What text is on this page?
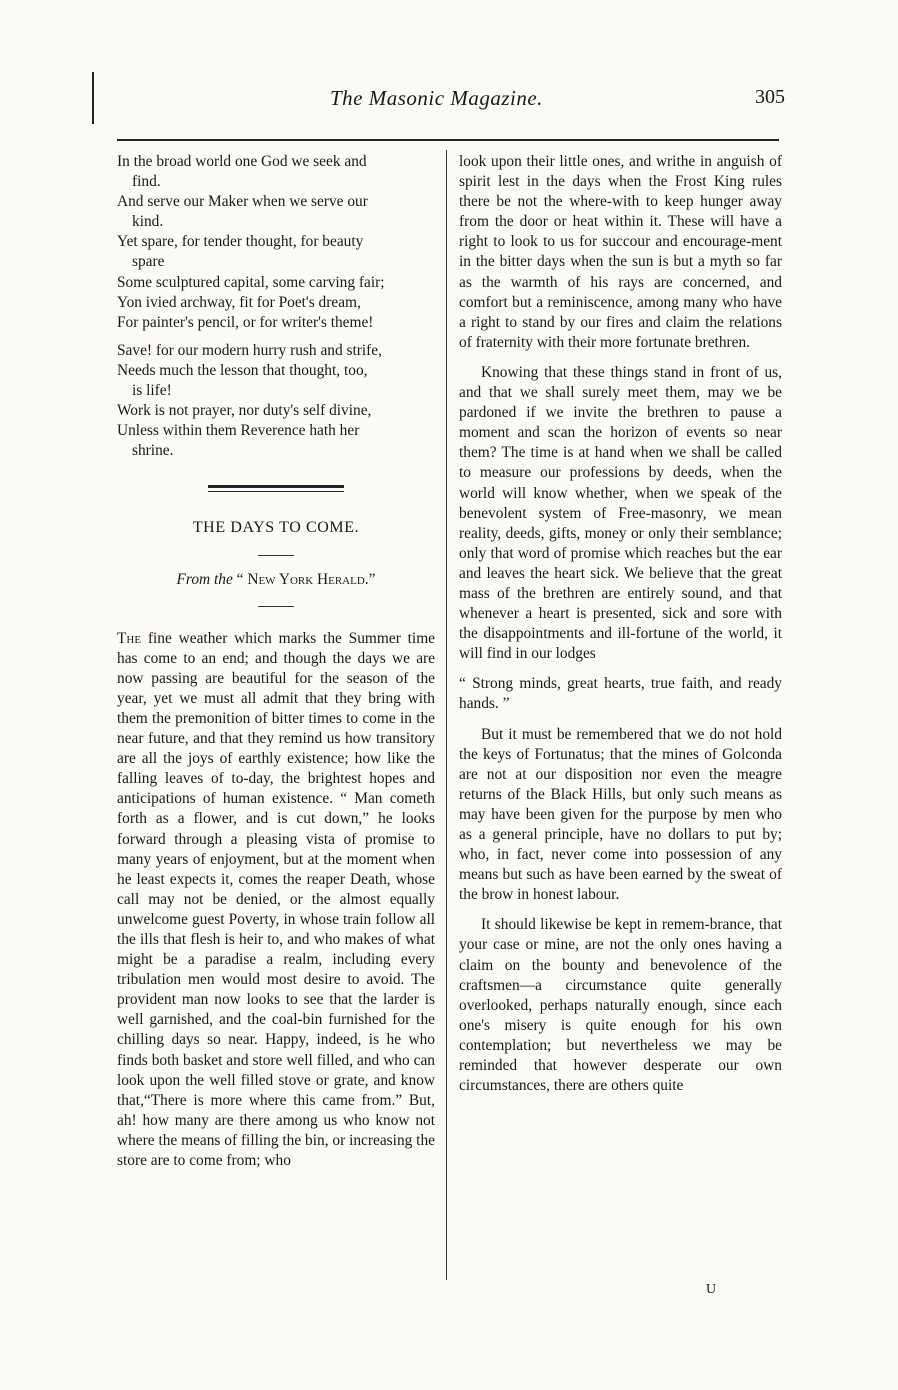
The Masonic Magazine.	305
In the broad world one God we seek and
find.
And serve our Maker when we serve our
kind.
Yet spare, for tender thought, for beauty
spare
Some sculptured capital, some carving fair;
Yon ivied archway, fit for Poet's dream,
For painter's pencil, or for writer's theme!
Save! for our modern hurry rush and strife,
Needs much the lesson that thought, too,
is life!
Work is not prayer, nor duty's self divine,
Unless within them Reverence hath her
shrine.
THE DAYS TO COME.
From the “ New York Herald.”

The fine weather which marks the Summer time has come to an end; and though the days we are now passing are beautiful for the season of the year, yet we must all admit that they bring with them the premonition of bitter times to come in the near future, and that they remind us how transitory are all the joys of earthly existence; how like the falling leaves of to-day, the brightest hopes and anticipations of human existence. “ Man cometh forth as a flower, and is cut down,” he looks forward through a pleasing vista of promise to many years of enjoyment, but at the moment when he least expects it, comes the reaper Death, whose call may not be denied, or the almost equally unwelcome guest Poverty, in whose train follow all the ills that flesh is heir to, and who makes of what might be a paradise a realm, including every tribulation men would most desire to avoid. The provident man now looks to see that the larder is well garnished, and the coal-bin furnished for the chilling days so near. Happy, indeed, is he who finds both basket and store well filled, and who can look upon the well filled stove or grate, and know that,“There is more where this came from.” But, ah! how many are there among us who know not where the means of filling the bin, or increasing the store are to come from; who

look upon their little ones, and writhe in anguish of spirit lest in the days when the Frost King rules there be not the where-with to keep hunger away from the door or heat within it. These will have a right to look to us for succour and encourage-ment in the bitter days when the sun is but a myth so far as the warmth of his rays are concerned, and comfort but a reminiscence, among many who have a right to stand by our fires and claim the relations of fraternity with their more fortunate brethren.

Knowing that these things stand in front of us, and that we shall surely meet them, may we be pardoned if we invite the brethren to pause a moment and scan the horizon of events so near them? The time is at hand when we shall be called to measure our professions by deeds, when the world will know whether, when we speak of the benevolent system of Free-masonry, we mean reality, deeds, gifts, money or only their semblance; only that word of promise which reaches but the ear and leaves the heart sick. We believe that the great mass of the brethren are entirely sound, and that whenever a heart is presented, sick and sore with the disappointments and ill-fortune of the world, it will find in our lodges

“ Strong minds, great hearts, true faith, and ready hands. ”

But it must be remembered that we do not hold the keys of Fortunatus; that the mines of Golconda are not at our disposition nor even the meagre returns of the Black Hills, but only such means as may have been given for the purpose by men who as a general principle, have no dollars to put by; who, in fact, never come into possession of any means but such as have been earned by the sweat of the brow in honest labour.

It should likewise be kept in remem-brance, that your case or mine, are not the only ones having a claim on the bounty and benevolence of the craftsmen—a circumstance quite generally overlooked, perhaps naturally enough, since each one's misery is quite enough for his own contemplation; but nevertheless we may be reminded that however desperate our own circumstances, there are others quite

U
